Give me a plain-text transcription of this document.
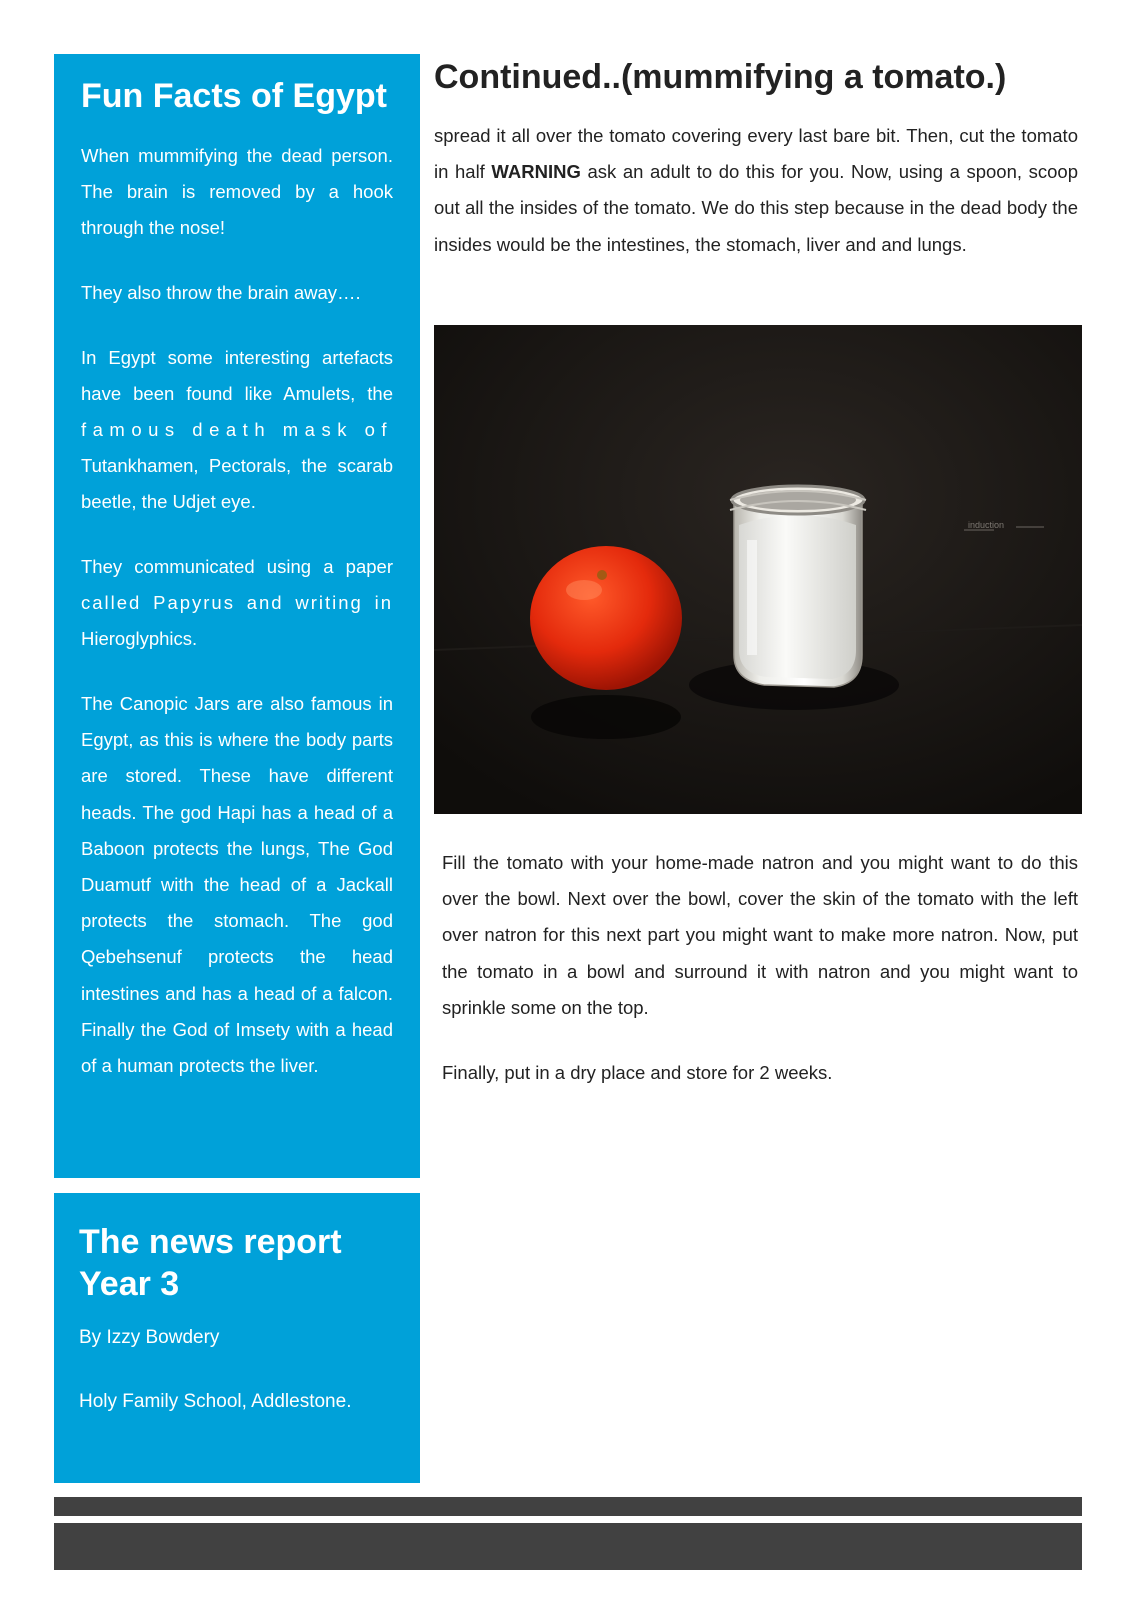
Fun Facts of Egypt

When mummifying the dead person. The brain is removed by a hook through the nose!

They also throw the brain away….

In Egypt some interesting artefacts have been found like Amulets, the famous death mask of Tutankhamen, Pectorals, the scarab beetle, the Udjet eye.

They communicated using a paper called Papyrus and writing in Hieroglyphics.

The Canopic Jars are also famous in Egypt, as this is where the body parts are stored. These have different heads. The god Hapi has a head of a Baboon protects the lungs, The God Duamutf with the head of a Jackall protects the stomach. The god Qebehsenuf protects the head intestines and has a head of a falcon. Finally the God of Imsety with a head of a human protects the liver.

The news report
Year 3

By Izzy Bowdery

Holy Family School, Addlestone.

Continued..(mummifying a tomato.)

spread it all over the tomato covering every last bare bit. Then, cut the tomato in half WARNING ask an adult to do this for you. Now, using a spoon, scoop out all the insides of the tomato. We do this step because in the dead body the insides would be the intestines, the stomach, liver and and lungs.

induction

Fill the tomato with your home-made natron and you might want to do this over the bowl. Next over the bowl, cover the skin of the tomato with the left over natron for this next part you might want to make more natron. Now, put the tomato in a bowl and surround it with natron and you might want to sprinkle some on the top.

Finally, put in a dry place and store for 2 weeks.
